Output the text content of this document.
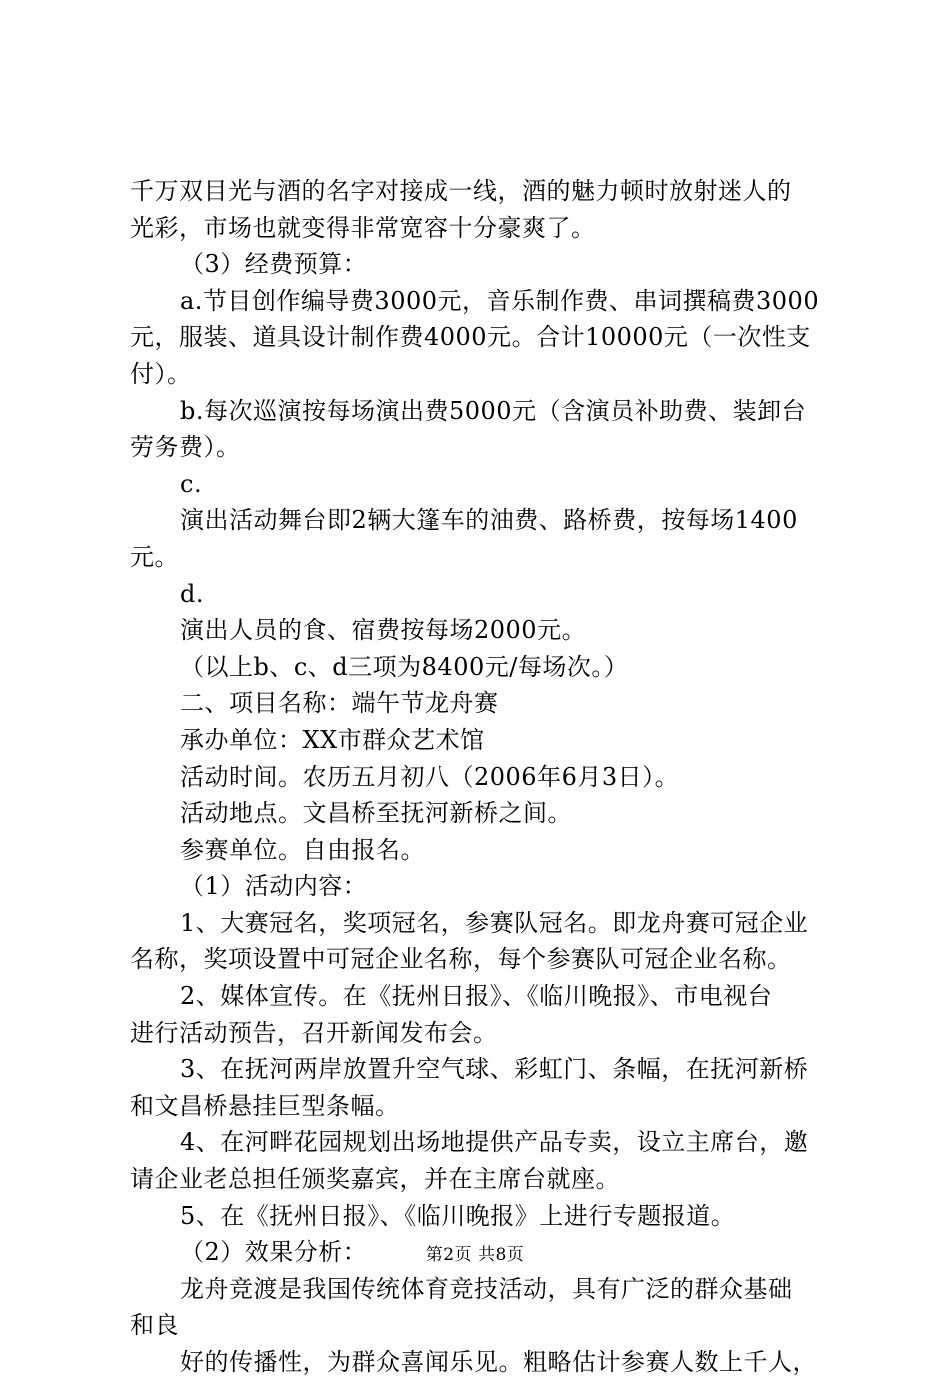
千万双目光与酒的名字对接成一线，酒的魅力顿时放射迷人的
光彩，市场也就变得非常宽容十分豪爽了。
（3）经费预算：
a.节目创作编导费3000元，音乐制作费、串词撰稿费3000
元，服装、道具设计制作费4000元。合计10000元（一次性支
付）。
b.每次巡演按每场演出费5000元（含演员补助费、装卸台
劳务费）。
c.
演出活动舞台即2辆大篷车的油费、路桥费，按每场1400
元。
d.
演出人员的食、宿费按每场2000元。
（以上b、c、d三项为8400元/每场次。）
二、项目名称：端午节龙舟赛
承办单位：XX市群众艺术馆
活动时间。农历五月初八（2006年6月3日）。
活动地点。文昌桥至抚河新桥之间。
参赛单位。自由报名。
（1）活动内容：
1、大赛冠名，奖项冠名，参赛队冠名。即龙舟赛可冠企业
名称，奖项设置中可冠企业名称，每个参赛队可冠企业名称。
2、媒体宣传。在《抚州日报》、《临川晚报》、市电视台
进行活动预告，召开新闻发布会。
3、在抚河两岸放置升空气球、彩虹门、条幅，在抚河新桥
和文昌桥悬挂巨型条幅。
4、在河畔花园规划出场地提供产品专卖，设立主席台，邀
请企业老总担任颁奖嘉宾，并在主席台就座。
5、在《抚州日报》、《临川晚报》上进行专题报道。
（2）效果分析：
龙舟竞渡是我国传统体育竞技活动，具有广泛的群众基础
和良
好的传播性，为群众喜闻乐见。粗略估计参赛人数上千人，
第2页 共8页
